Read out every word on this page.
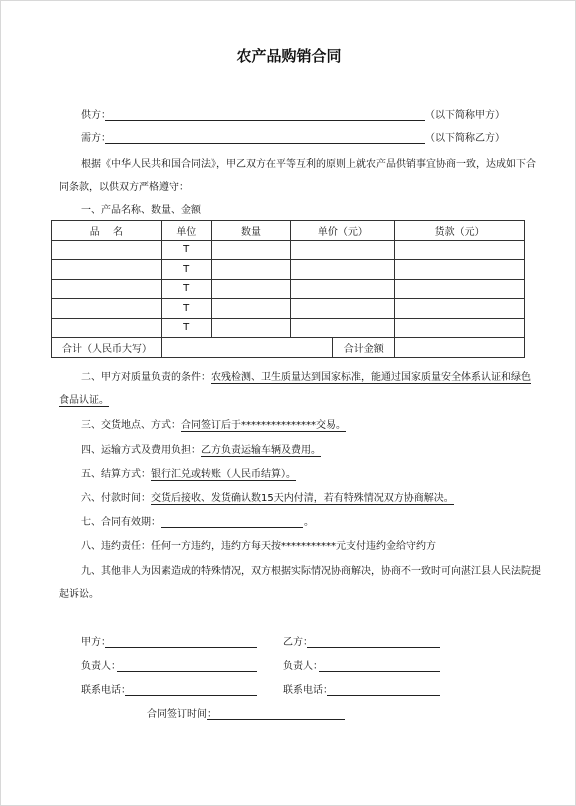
农产品购销合同
供方：	（以下简称甲方）
需方：	（以下简称乙方）
根据《中华人民共和国合同法》，甲乙双方在平等互利的原则上就农产品供销事宜协商一致，达成如下合
同条款，以供双方严格遵守：
一、产品名称、数量、金额
品　 名	单位	数量	单价（元）		货款（元）
	T				
	T				
	T				
	T				
	T				
合计（人民币大写）				合计金额	
二、甲方对质量负责的条件：农残检测、卫生质量达到国家标准，能通过国家质量安全体系认证和绿色
食品认证。
三、交货地点、方式：合同签订后于***************交易。
四、运输方式及费用负担：乙方负责运输车辆及费用。
五、结算方式：银行汇兑或转账（人民币结算）。
六、付款时间：交货后接收、发货确认数15天内付清，若有特殊情况双方协商解决。
七、合同有效期：	。
八、违约责任：任何一方违约，违约方每天按***********元支付违约金给守约方
九、其他非人为因素造成的特殊情况，双方根据实际情况协商解决，协商不一致时可向湛江县人民法院提
起诉讼。
甲方：	乙方：
负责人：	负责人：
联系电话：	联系电话：
合同签订时间：
